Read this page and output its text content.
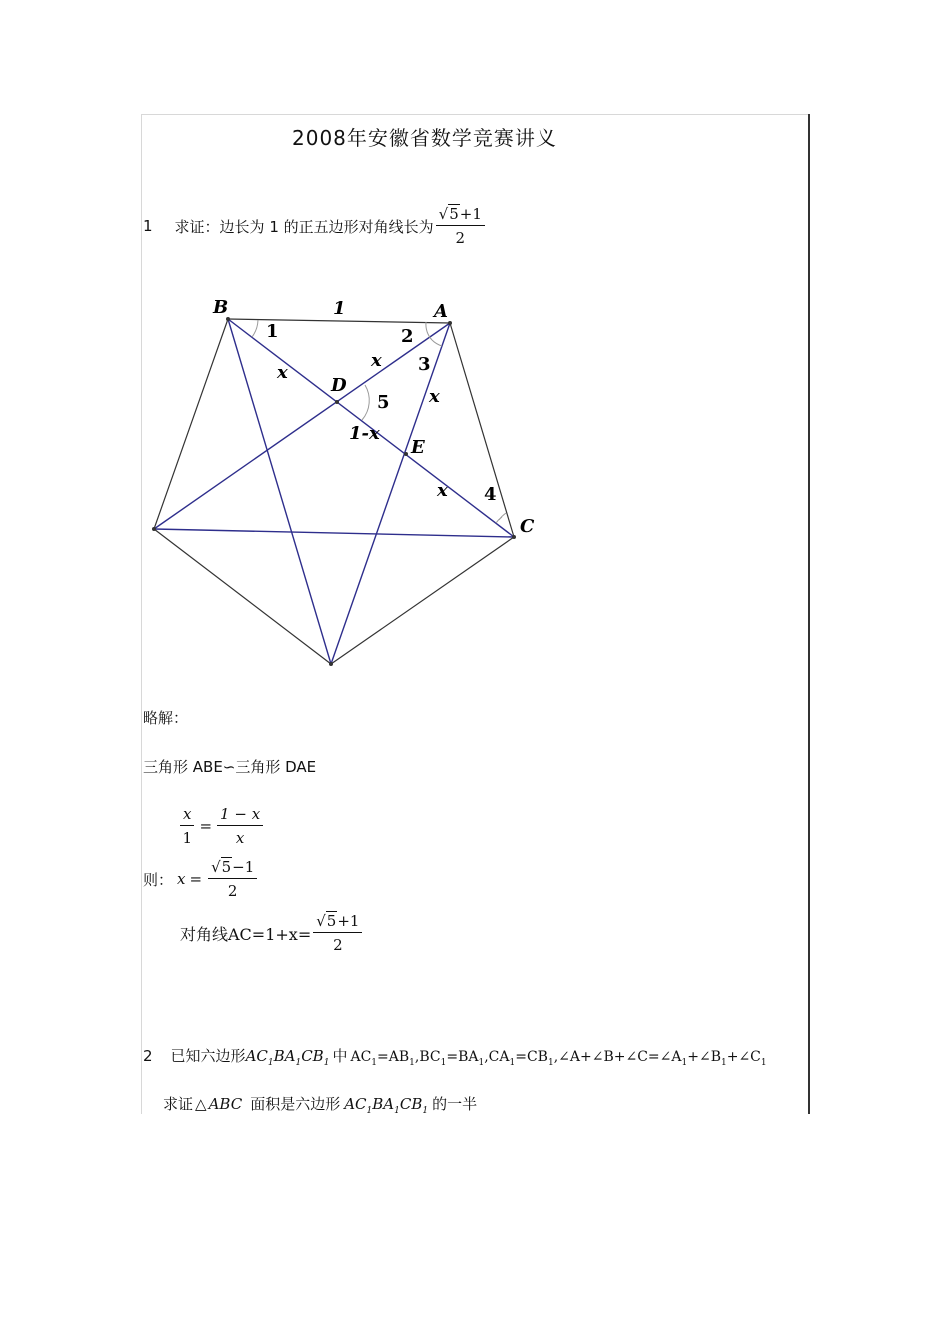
2008年安徽省数学竞赛讲义
1 求证：边长为 1 的正五边形对角线长为 $\frac{√5+1}{2}$
B	A
C
D
E
1
1	2
3
4
5
x
x
x
x
1-x
略解：
三角形 ABE∽三角形 DAE
$\frac{x}{1} = \frac{1 - x}{x}$
则： $x = \frac{√5-1}{2}$
对角线$AC=1+x= \frac{√5+1}{2}$
2 已知六边形 $AC_1BA_1CB_1$ 中 $AC_1=AB_1,BC_1=BA_1,CA_1=CB_1,\angle A+\angle B+\angle C=\angle A_1+\angle B_1+\angle C_1$
求证 △ ABC 面积是六边形 $AC_1BA_1CB_1$ 的一半
